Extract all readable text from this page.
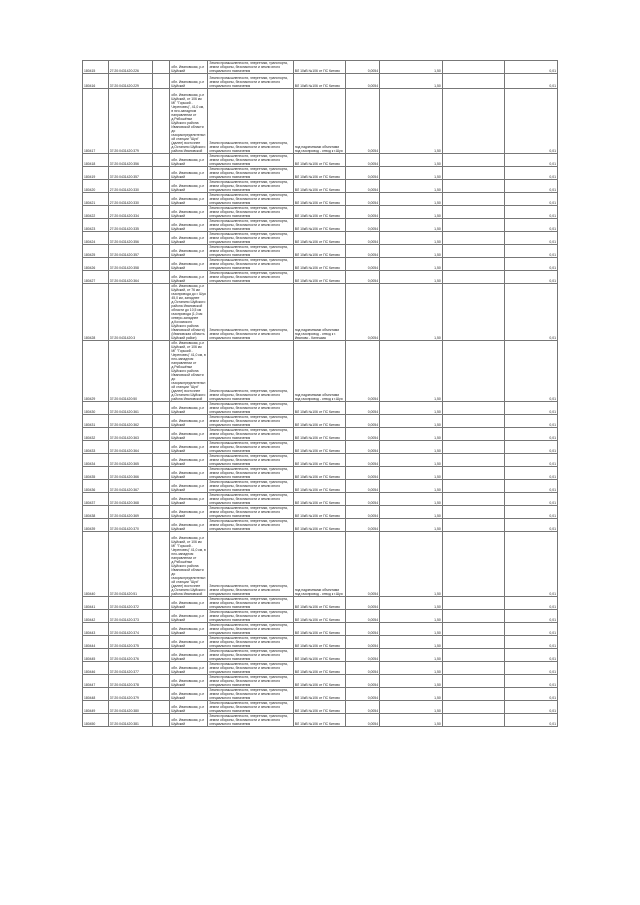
180415	27:20:0431420:226		обл. Ивановская, р-н Шуйский	Земли промышленности, энергетики, транспорта, земли обороны, безопасности и земли иного специального назначения	ВЛ 10кВ №106 от ПС Китово	0,0054	1,50		0,01
180416	37:20:0431420:229		обл. Ивановская, р-н Шуйский	Земли промышленности, энергетики, транспорта, земли обороны, безопасности и земли иного специального назначения	ВЛ 10кВ №106 от ПС Китово	0,0054	1,50		0,01
180417	37:20:0431420:379		обл. Ивановская, р-н Шуйский, от 106 км МГ "Горький - Череповец", 41,0 км, в юго-западном направлении от д.Рябошёнки Шуйского района Ивановской области до газораспределительной станции "Шуя" (далее) восточнее д.Останино Шуйского района Ивановской	Земли промышленности, энергетики, транспорта, земли обороны, безопасности и земли иного специального назначения	под надземными объектами под газопровод - отвод к г.Шуя	0,0054	1,50		0,01
180418	37:20:0431420:356		обл. Ивановская, р-н Шуйский	Земли промышленности, энергетики, транспорта, земли обороны, безопасности и земли иного специального назначения	ВЛ 10кВ №106 от ПС Китово	0,0054	1,50		0,01
180419	37:20:0431420:357		обл. Ивановская, р-н Шуйский	Земли промышленности, энергетики, транспорта, земли обороны, безопасности и земли иного специального назначения	ВЛ 10кВ №106 от ПС Китово	0,0054	1,50		0,01
180420	27:20:0431420:330		обл. Ивановская, р-н Шуйский	Земли промышленности, энергетики, транспорта, земли обороны, безопасности и земли иного специального назначения	ВЛ 10кВ №106 от ПС Китово	0,0054	1,50		0,01
180421	27:20:0431420:330		обл. Ивановская, р-н Шуйский	Земли промышленности, энергетики, транспорта, земли обороны, безопасности и земли иного специального назначения	ВЛ 10кВ №106 от ПС Китово	0,0054	1,50		0,01
180422	27:20:0431420:334		обл. Ивановская, р-н Шуйский	Земли промышленности, энергетики, транспорта, земли обороны, безопасности и земли иного специального назначения	ВЛ 10кВ №106 от ПС Китово	0,0054	1,50		0,01
180423	27:20:0431420:335		обл. Ивановская, р-н Шуйский	Земли промышленности, энергетики, транспорта, земли обороны, безопасности и земли иного специального назначения	ВЛ 10кВ №106 от ПС Китово	0,0054	1,50		0,01
180424	37:20:0431420:356		обл. Ивановская, р-н Шуйский	Земли промышленности, энергетики, транспорта, земли обороны, безопасности и земли иного специального назначения	ВЛ 10кВ №106 от ПС Китово	0,0054	1,50		0,01
180425	37:20:0431420:357		обл. Ивановская, р-н Шуйский	Земли промышленности, энергетики, транспорта, земли обороны, безопасности и земли иного специального назначения	ВЛ 10кВ №106 от ПС Китово	0,0054	1,50		0,01
180426	37:20:0431420:358		обл. Ивановская, р-н Шуйский	Земли промышленности, энергетики, транспорта, земли обороны, безопасности и земли иного специального назначения	ВЛ 10кВ №106 от ПС Китово	0,0054	1,50		0,01
180427	37:20:0431420:364		обл. Ивановская, р-н Шуйский	Земли промышленности, энергетики, транспорта, земли обороны, безопасности и земли иного специального назначения	ВЛ 10кВ №106 от ПС Китово	0,0054	1,50		0,01
180428	37:20:0431420:3		обл. Ивановская, р-н Шуйский, от 76 км газопровода до г. Шуя 45,0 км, западнее д.Останино Шуйского района Ивановской области до 10,5 км газопровода (1,0 км северо-западнее д.Кохомского Шуйского района Ивановской области) (Ивановская область Шуйский район)	Земли промышленности, энергетики, транспорта, земли обороны, безопасности и земли иного специального назначения	под надземными объектами под газопровод - отвод к г. Иваново - Кинешма	0,0054	1,50		0,01
180429	37:20:0431420:50		обл. Ивановская, р-н Шуйский, от 106 км МГ "Горький - Череповец" 41,0 км, в юго-западном направлении от д.Рябошёнки Шуйского района Ивановской области до газораспределительной станции "Шуя" (далее) восточнее д.Останино Шуйского района Ивановской	Земли промышленности, энергетики, транспорта, земли обороны, безопасности и земли иного специального назначения	под надземными объектами под газопровод - отвод к г.Шуя	0,0054	1,50		0,01
180430	37:20:0431420:361		обл. Ивановская, р-н Шуйский	Земли промышленности, энергетики, транспорта, земли обороны, безопасности и земли иного специального назначения	ВЛ 10кВ №106 от ПС Китово	0,0054	1,50		0,01
180431	37:20:0431420:362		обл. Ивановская, р-н Шуйский	Земли промышленности, энергетики, транспорта, земли обороны, безопасности и земли иного специального назначения	ВЛ 10кВ №106 от ПС Китово	0,0054	1,50		0,01
180432	37:20:0431420:363		обл. Ивановская, р-н Шуйский	Земли промышленности, энергетики, транспорта, земли обороны, безопасности и земли иного специального назначения	ВЛ 10кВ №106 от ПС Китово	0,0054	1,50		0,01
180433	37:20:0431420:364		обл. Ивановская, р-н Шуйский	Земли промышленности, энергетики, транспорта, земли обороны, безопасности и земли иного специального назначения	ВЛ 10кВ №106 от ПС Китово	0,0054	1,50		0,01
180434	37:20:0431420:365		обл. Ивановская, р-н Шуйский	Земли промышленности, энергетики, транспорта, земли обороны, безопасности и земли иного специального назначения	ВЛ 10кВ №106 от ПС Китово	0,0054	1,50		0,01
180435	37:20:0431420:366		обл. Ивановская, р-н Шуйский	Земли промышленности, энергетики, транспорта, земли обороны, безопасности и земли иного специального назначения	ВЛ 10кВ №106 от ПС Китово	0,0054	1,50		0,01
180436	37:20:0431420:367		обл. Ивановская, р-н Шуйский	Земли промышленности, энергетики, транспорта, земли обороны, безопасности и земли иного специального назначения	ВЛ 10кВ №106 от ПС Китово	0,0054	1,50		0,01
180437	37:20:0431420:368		обл. Ивановская, р-н Шуйский	Земли промышленности, энергетики, транспорта, земли обороны, безопасности и земли иного специального назначения	ВЛ 10кВ №106 от ПС Китово	0,0054	1,50		0,01
180438	37:20:0431420:369		обл. Ивановская, р-н Шуйский	Земли промышленности, энергетики, транспорта, земли обороны, безопасности и земли иного специального назначения	ВЛ 10кВ №106 от ПС Китово	0,0054	1,50		0,01
180439	37:20:0431420:370		обл. Ивановская, р-н Шуйский	Земли промышленности, энергетики, транспорта, земли обороны, безопасности и земли иного специального назначения	ВЛ 10кВ №106 от ПС Китово	0,0054	1,50		0,01
180440	37:20:0431420:51		обл. Ивановская, р-н Шуйский, от 106 км МГ "Горький - Череповец" 41,0 км, в юго-западном направлении от д.Рябошёнки Шуйского района Ивановской области до газораспределительной станции "Шуя" (далее) восточнее д.Останино Шуйского района Ивановской	Земли промышленности, энергетики, транспорта, земли обороны, безопасности и земли иного специального назначения	под надземными объектами под газопровод - отвод к г.Шуя	0,0054	1,50		0,01
180441	37:20:0431420:372		обл. Ивановская, р-н Шуйский	Земли промышленности, энергетики, транспорта, земли обороны, безопасности и земли иного специального назначения	ВЛ 10кВ №106 от ПС Китово	0,0054	1,50		0,01
180442	37:20:0431420:373		обл. Ивановская, р-н Шуйский	Земли промышленности, энергетики, транспорта, земли обороны, безопасности и земли иного специального назначения	ВЛ 10кВ №106 от ПС Китово	0,0054	1,50		0,01
180443	37:20:0431420:374		обл. Ивановская, р-н Шуйский	Земли промышленности, энергетики, транспорта, земли обороны, безопасности и земли иного специального назначения	ВЛ 10кВ №106 от ПС Китово	0,0054	1,50		0,01
180444	37:20:0431420:375		обл. Ивановская, р-н Шуйский	Земли промышленности, энергетики, транспорта, земли обороны, безопасности и земли иного специального назначения	ВЛ 10кВ №106 от ПС Китово	0,0054	1,50		0,01
180445	37:20:0431420:376		обл. Ивановская, р-н Шуйский	Земли промышленности, энергетики, транспорта, земли обороны, безопасности и земли иного специального назначения	ВЛ 10кВ №106 от ПС Китово	0,0054	1,50		0,01
180446	37:20:0431420:377		обл. Ивановская, р-н Шуйский	Земли промышленности, энергетики, транспорта, земли обороны, безопасности и земли иного специального назначения	ВЛ 10кВ №106 от ПС Китово	0,0054	1,50		0,01
180447	37:20:0431420:378		обл. Ивановская, р-н Шуйский	Земли промышленности, энергетики, транспорта, земли обороны, безопасности и земли иного специального назначения	ВЛ 10кВ №106 от ПС Китово	0,0054	1,50		0,01
180448	37:20:0431420:379		обл. Ивановская, р-н Шуйский	Земли промышленности, энергетики, транспорта, земли обороны, безопасности и земли иного специального назначения	ВЛ 10кВ №106 от ПС Китово	0,0054	1,50		0,01
180449	37:20:0431420:380		обл. Ивановская, р-н Шуйский	Земли промышленности, энергетики, транспорта, земли обороны, безопасности и земли иного специального назначения	ВЛ 10кВ №106 от ПС Китово	0,0054	1,50		0,01
180450	37:20:0431420:381		обл. Ивановская, р-н Шуйский	Земли промышленности, энергетики, транспорта, земли обороны, безопасности и земли иного специального назначения	ВЛ 10кВ №106 от ПС Китово	0,0054	1,50		0,01
